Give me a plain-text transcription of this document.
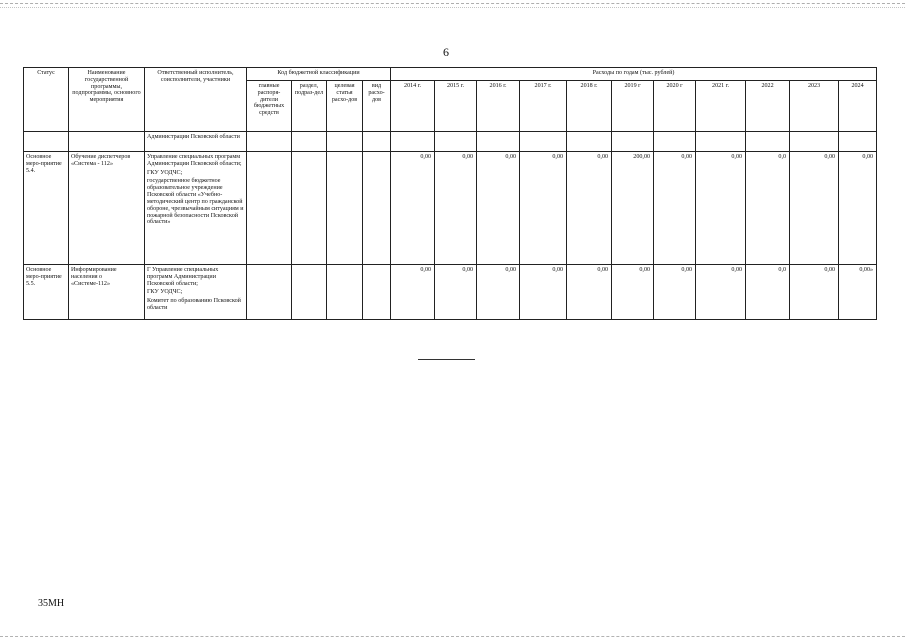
6
Статус	Наименование государственной программы, подпрограммы, основного мероприятия	Ответственный исполнитель, соисполнители, участники	Код бюджетной классификации				Расходы по годам (тыс. рублей)										
			главные распоря-дители бюджетных средств	раздел, подраз-дел	целевая статья расхо-дов	вид расхо-дов	2014 г.	2015 г.	2016 г.	2017 г.	2018 г.	2019 г	2020 г	2021 г.	2022	2023	2024
		Администрации Псковской области															
Основное меро-приятие 5.4.	Обучение диспетчеров «Система - 112»	Управление специальных программ Администрации Псковской области;
ГКУ УОДЧС;
государственное бюджетное образовательное учреждение Псковской области «Учебно-методический центр по гражданской обороне, чрезвычайным ситуациям и пожарной безопасности Псковской области»					0,00	0,00	0,00	0,00	0,00	200,00	0,00	0,00	0,0	0,00	0,00
Основное меро-приятие 5.5.	Информирование населения о «Системе-112»	Г Управление специальных программ Администрации Псковской области;
ГКУ УОДЧС;
Комитет по образованию Псковской области					0,00	0,00	0,00	0,00	0,00	0,00	0,00	0,00	0,0	0,00	0,00»
35МН
